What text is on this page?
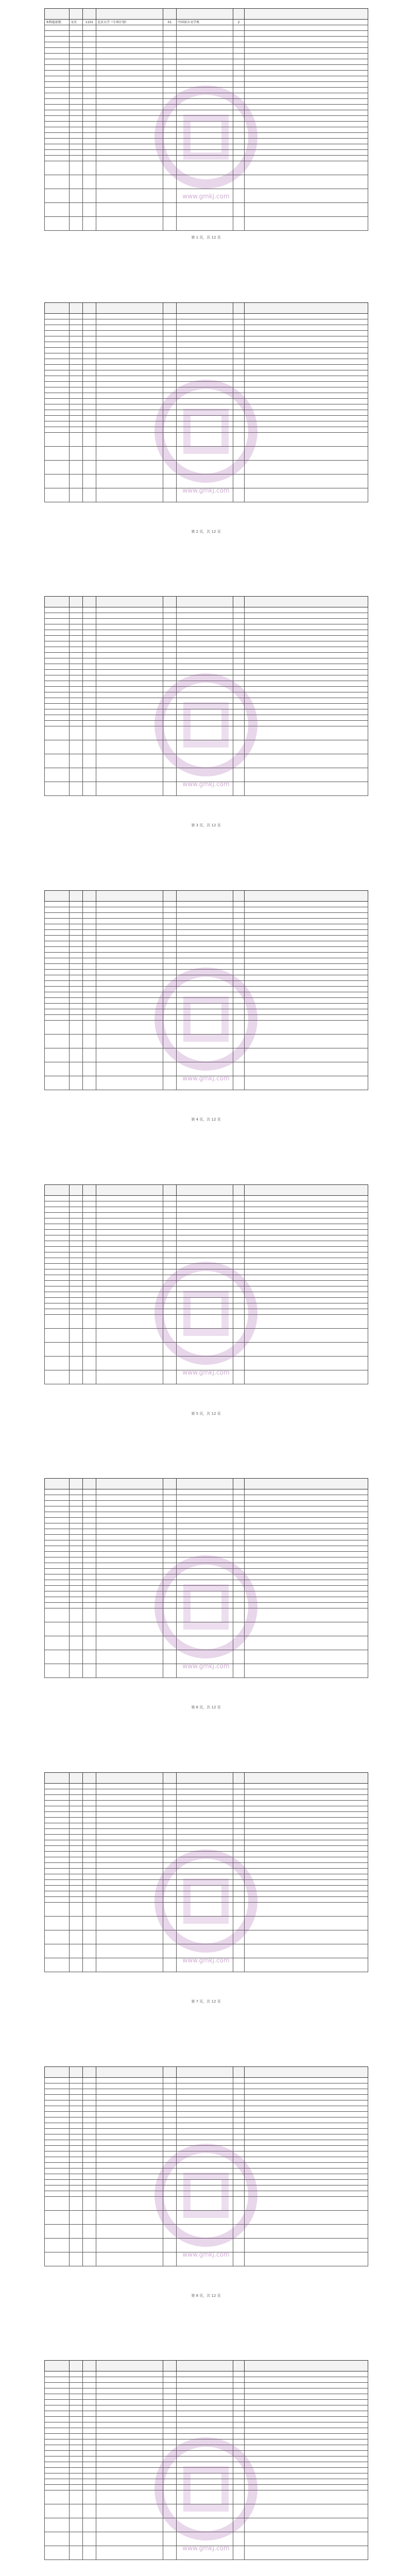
本科提前批	文史	1101	北京大学（专项计划）	01	中国语言文学类	2	

第 1 页，共 12 页
www.gmkj.com

第 2 页，共 12 页
www.gmkj.com

第 3 页，共 12 页
www.gmkj.com

第 4 页，共 12 页
www.gmkj.com

第 5 页，共 12 页
www.gmkj.com

第 6 页，共 12 页
www.gmkj.com

第 7 页，共 12 页
www.gmkj.com

第 8 页，共 12 页
www.gmkj.com

www.gmkj.com
